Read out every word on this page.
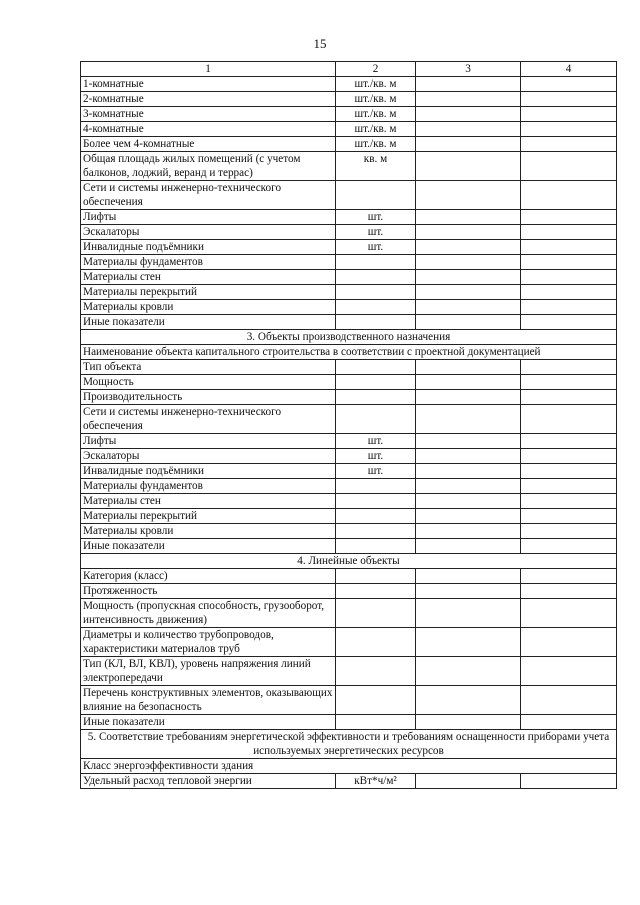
15
1	2	3	4
1-комнатные	шт./кв. м		
2-комнатные	шт./кв. м		
3-комнатные	шт./кв. м		
4-комнатные	шт./кв. м		
Более чем 4-комнатные	шт./кв. м		
Общая площадь жилых помещений (с учетом балконов, лоджий, веранд и террас)	кв. м		
Сети и системы инженерно-технического обеспечения			
Лифты	шт.		
Эскалаторы	шт.		
Инвалидные подъёмники	шт.		
Материалы фундаментов			
Материалы стен			
Материалы перекрытий			
Материалы кровли			
Иные показатели			
3. Объекты производственного назначения			
Наименование объекта капитального строительства в соответствии с проектной документацией			
Тип объекта			
Мощность			
Производительность			
Сети и системы инженерно-технического обеспечения			
Лифты	шт.		
Эскалаторы	шт.		
Инвалидные подъёмники	шт.		
Материалы фундаментов			
Материалы стен			
Материалы перекрытий			
Материалы кровли			
Иные показатели			
4. Линейные объекты			
Категория (класс)			
Протяженность			
Мощность (пропускная способность, грузооборот, интенсивность движения)			
Диаметры и количество трубопроводов, характеристики материалов труб			
Тип (КЛ, ВЛ, КВЛ), уровень напряжения линий электропередачи			
Перечень конструктивных элементов, оказывающих влияние на безопасность			
Иные показатели			
5. Соответствие требованиям энергетической эффективности и требованиям оснащенности приборами учета используемых энергетических ресурсов			
Класс энергоэффективности здания			
Удельный расход тепловой энергии	кВт*ч/м²		
